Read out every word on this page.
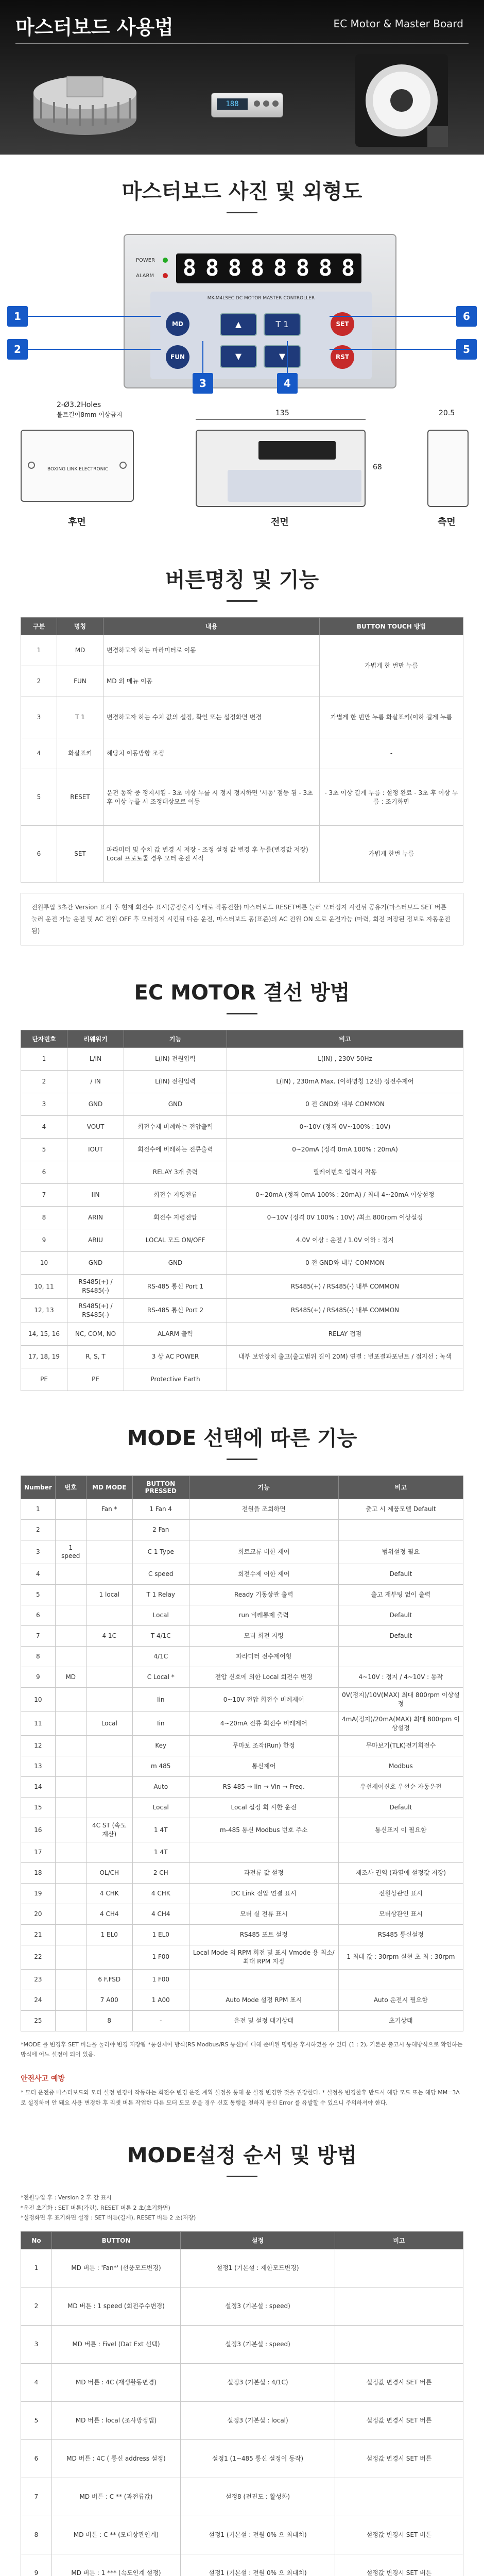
마스터보드 사용법	EC Motor & Master Board
188
마스터보드 사진 및 외형도
POWER
ALARM 8 8 8 8 8 8 8 8
MK-M4LSEC DC MOTOR MASTER CONTROLLER
MD
FUN
▲	T 1
▼	▼
SET
RST
1
2
3	4
5
6
2-Ø3.2Holes
볼트길이8mm 이상금지
BOXING LINK ELECTRONIC
135
68
20.5
후면	전면	측면
버튼명칭 및 기능
구분	명칭	내용	BUTTON TOUCH 방법
1	MD	변경하고자 하는 파라미터로 이동	가볍게 한 번만 누름
2	FUN	MD 외 메뉴 이동	
3	T 1	변경하고자 하는 수치 값의 설정, 확인 또는 설정화면 변경	가볍게 한 번만 누름 화살표키(이하 길게 누름
4	화살표키	해당치 이동방향 조정	-
5	RESET	운전 동작 중 정지시킴 - 3초 이상 누를 시 정지 정지하면 '시동' 점등 됨 - 3초 후 이상 누를 시 조정대상모로 이동	- 3초 이상 길게 누름 : 설정 완료 - 3초 후 이상 누름 : 조기화면
6	SET	파라미터 및 수치 값 변경 시 저장 - 조정 설정 값 변경 후 누름(변경값 저장) Local 프로토콜 경우 모터 운전 시작	가볍게 한번 누름
전원투입 3초간 Version 표시 후 현재 회전수 표시(공장출시 상태로 작동전환) 마스터보드 RESET버튼 눌러 모터정지 시킨뒤 공유기(마스터보드 SET 버튼 눌러 운전 가능 운전 및 AC 전원 OFF 후 모터정지 시킨뒤 다음 운전, 마스터보드 동(표준)의 AC 전원 ON 으로 운전가능 (마력, 회전 저장된 정보로 자동운전 됨)
EC MOTOR 결선 방법
단자번호	리웨워기	기능	비고
1	L/IN	L(IN) 전원입력	L(IN) , 230V 50Hz
2	/ IN	L(IN) 전원입력	L(IN) , 230mA Max. (이하명칭 12선) 정전수제어
3	GND	GND	0 전 GND와 내부 COMMON
4	VOUT	회전수제 비례하는 전압출력	0~10V (정격 0V~100% : 10V)
5	IOUT	회전수에 비례하는 전류출력	0~20mA (정격 0mA 100% : 20mA)
6		RELAY 3개 출력	릴레이번호 입력시 작동
7	IIN	회전수 지령전류	0~20mA (정격 0mA 100% : 20mA) / 최대 4~20mA 이상설정
8	ARIN	회전수 지령전압	0~10V (정격 0V 100% : 10V) /최소 800rpm 이상설정
9	ARIU	LOCAL 모드 ON/OFF	4.0V 이상 : 운전 / 1.0V 이하 : 정지
10	GND	GND	0 전 GND와 내부 COMMON
10, 11	RS485(+) / RS485(-)	RS-485 통신 Port 1	RS485(+) / RS485(-) 내부 COMMON
12, 13	RS485(+) / RS485(-)	RS-485 통신 Port 2	RS485(+) / RS485(-) 내부 COMMON
14, 15, 16	NC, COM, NO	ALARM 출력	RELAY 접점
17, 18, 19	R, S, T	3 상 AC POWER	내부 보안장치 출고(출고범위 길이 20M) 연결 : 변포결과포넌트 / 접지선 : 녹색
PE	PE	Protective Earth	
MODE 선택에 따른 기능
Number	번호	MD MODE	BUTTON PRESSED	기능	비고
1		Fan *	1 Fan 4	전원을 조회하면	출고 시 제품모델 Default
2			2 Fan		
3	1 speed		C 1 Type	회로교류 비한 제어	범위설정 필요
4			C speed	회전수제 어한 제어	Default
5		1 local	T 1 Relay	Ready 기동상관 출력	출고 재부팅 없이 출력
6			Local	run 비례통제 출력	Default
7		4 1C	T 4/1C	모터 회전 지령	Default
8			4/1C	파라미터 전수제어형	
9	MD		C Local *	전압 신호에 의한 Local 회전수 변경	4~10V : 정지 / 4~10V : 동작
10			Iin	0~10V 전압 회전수 비례제어	0V(정지)/10V(MAX) 최대 800rpm 이상설정
11		Local	Iin	4~20mA 전류 회전수 비례제어	4mA(정지)/20mA(MAX) 최대 800rpm 이상설정
12			Key	무마보 조작(Run) 한정	무마보기(TLK)전기회전수
13			m 485	통신제어	Modbus
14			Auto	RS-485 → Iin → Vin → Freq.	우선제어신호 우선순 자동운전
15			Local	Local 설정 회 시한 운전	Default
16		4C ST (속도 계산)	1 4T	m-485 통신 Modbus 번호 주소	통신표지 이 필요함
17			1 4T		
18		OL/CH	2 CH	과전류 값 설정	제조사 권역 (과열에 설정값 저장)
19		4 CHK	4 CHK	DC Link 전압 연결 표시	전원상관인 표시
20		4 CH4	4 CH4	모터 실 전류 표시	모터상관인 표시
21		1 EL0	1 EL0	RS485 포트 설정	RS485 통신설정
22			1 F00	Local Mode 의 RPM 회전 및 표시 Vmode 용 최소/최대 RPM 지정	1 최대 값 : 30rpm 실현 초 최 : 30rpm
23		6 F.FSD	1 F00		
24		7 A00	1 A00	Auto Mode 설정 RPM 표시	Auto 운전시 필요함
25		8	-	운전 및 설정 대기상태	초기상태
*MODE 를 변경후 SET 버튼을 눌러야 변경 저장됨 *통신제어 방식(RS Modbus/RS 통신)에 대해 준비된 명령을 후시하였을 수 있다 (1 : 2), 기본은 출고시 통해방식으로 확인하는 방식에 어느 설정이 되어 있음.
안전사고 예방
* 모터 운전중 마스터보드와 모터 설정 변경이 작동하는 회전수 변경 운전 계획 설정을 통해 운 설정 변경할 것을 권장한다. * 설정을 변경한후 반드시 해당 모드 또는 해당 MM=3A 로 설정하여 안 돼요 사용 변경한 후 리셋 버튼 작업한 다른 모터 도모 운을 경우 신호 통행을 전하지 통신 Error 를 유발할 수 있으니 주의하셔야 한다.
MODE설정 순서 및 방법
*전원투입 후 : Version 2 후 간 표시
*운전 초기화 : SET 버튼(가린), RESET 버튼 2 초(초기화면)
*설정화면 후 표기화면 설정 : SET 버튼(길게), RESET 버튼 2 초(저장)
No	BUTTON	설정	비고
1	MD 버튼 : 'Fan*' (선풍모드변경)	설정1 (기본설 : 제한모드변경)	
2	MD 버튼 : 1 speed (회전주수변경)	설정3 (기본설 : speed)	
3	MD 버튼 : Fivel (Dat Ext 선택)	설정3 (기본설 : speed)	
4	MD 버튼 : 4C (재생활동변경)	설정3 (기본설 : 4/1C)	설정값 변경시 SET 버튼
5	MD 버튼 : local (조사방정법)	설정3 (기본설 : local)	설정값 변경시 SET 버튼
6	MD 버튼 : 4C ( 통신 address 설정)	설정1 (1~485 통신 설정이 동작)	설정값 변경시 SET 버튼
7	MD 버튼 : C ** (과전류값)	설정8 (전진도 : 활성화)	
8	MD 버튼 : C ** (모터상관인계)	설정1 (기본설 : 전원 0% 으 최대치)	설정값 변경시 SET 버튼
9	MD 버튼 : 1 *** (속도인계 설정)	설정1 (기본설 : 전원 0% 으 최대치)	설정값 변경시 SET 버튼
